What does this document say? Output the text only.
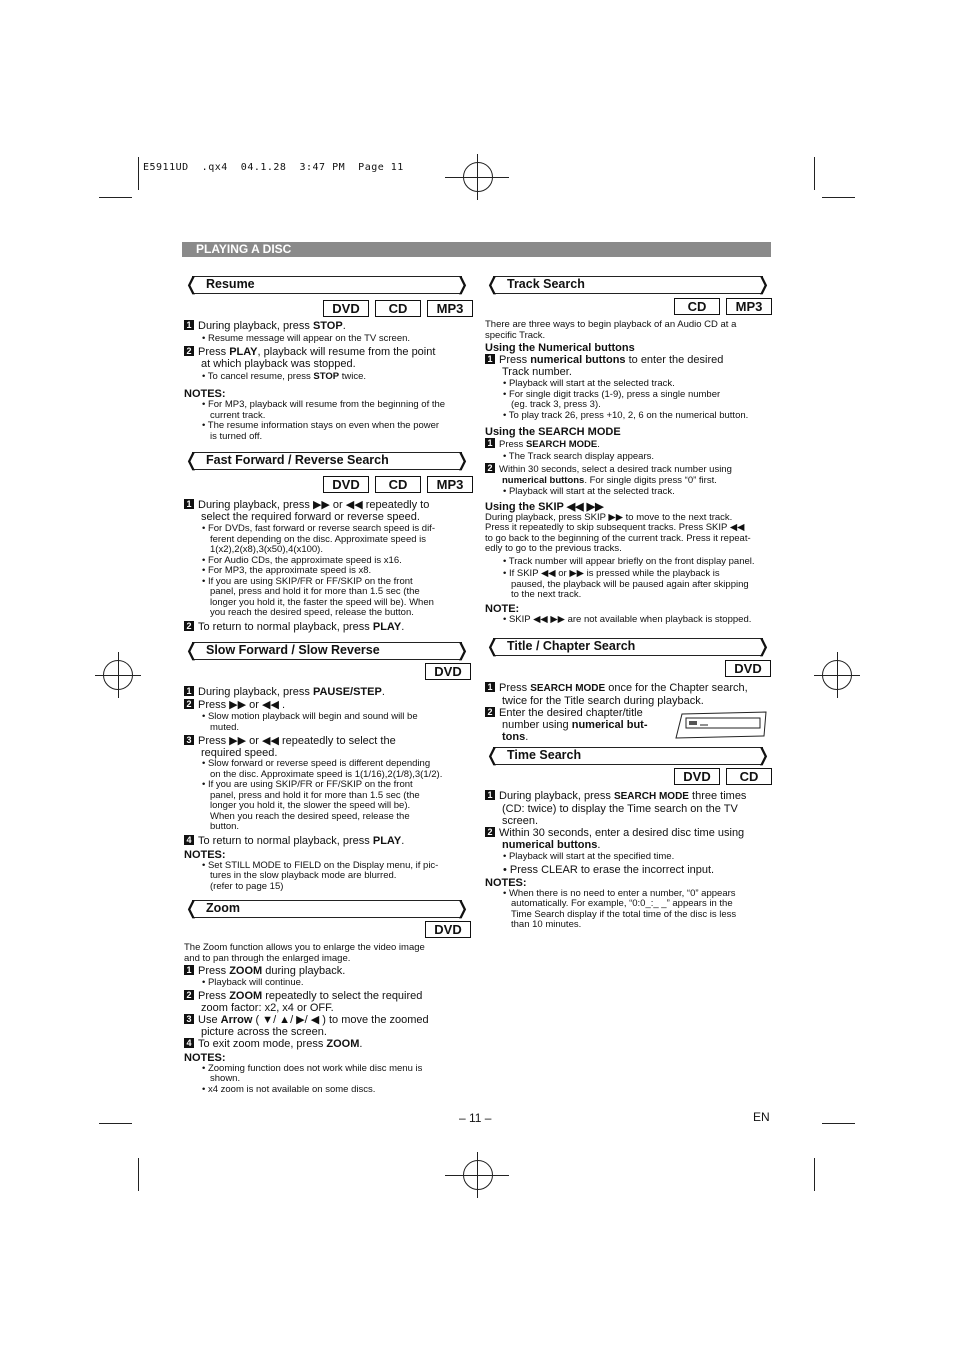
E5911UD  .qx4  04.1.28  3:47 PM  Page 11
PLAYING A DISC
❬	❭
Resume
DVD	CD	MP3
1 During playback, press STOP.
• Resume message will appear on the TV screen.
2 Press PLAY, playback will resume from the point
at which playback was stopped.
• To cancel resume, press STOP twice.
NOTES:
• For MP3, playback will resume from the beginning of the
current track.
• The resume information stays on even when the power
is turned off.
❬	❭
Fast Forward / Reverse Search
DVD	CD	MP3
1 During playback, press ▶▶ or ◀◀ repeatedly to
select the required forward or reverse speed.
• For DVDs, fast forward or reverse search speed is dif-
ferent depending on the disc. Approximate speed is
1(x2),2(x8),3(x50),4(x100).
• For Audio CDs, the approximate speed is x16.
• For MP3, the approximate speed is x8.
• If you are using SKIP/FR or FF/SKIP on the front
panel, press and hold it for more than 1.5 sec (the
longer you hold it, the faster the speed will be). When
you reach the desired speed, release the button.
2 To return to normal playback, press PLAY.
❬	❭
Slow Forward / Slow Reverse
DVD
1 During playback, press PAUSE/STEP.
2 Press ▶▶ or ◀◀ .
• Slow motion playback will begin and sound will be
muted.
3 Press ▶▶ or ◀◀ repeatedly to select the
required speed.
• Slow forward or reverse speed is different depending
on the disc. Approximate speed is 1(1/16),2(1/8),3(1/2).
• If you are using SKIP/FR or FF/SKIP on the front
panel, press and hold it for more than 1.5 sec (the
longer you hold it, the slower the speed will be).
When you reach the desired speed, release the
button.
4 To return to normal playback, press PLAY.
NOTES:
• Set STILL MODE to FIELD on the Display menu, if pic-
tures in the slow playback mode are blurred.
(refer to page 15)
❬	❭
Zoom
DVD
The Zoom function allows you to enlarge the video image
and to pan through the enlarged image.
1 Press ZOOM during playback.
• Playback will continue.
2 Press ZOOM repeatedly to select the required
zoom factor: x2, x4 or OFF.
3 Use Arrow ( ▼/ ▲/ ▶/ ◀ ) to move the zoomed
picture across the screen.
4 To exit zoom mode, press ZOOM.
NOTES:
• Zooming function does not work while disc menu is
shown.
• x4 zoom is not available on some discs.
❬	❭
Track Search
CD	MP3
There are three ways to begin playback of an Audio CD at a
specific Track.
Using the Numerical buttons
1 Press numerical buttons to enter the desired
Track number.
• Playback will start at the selected track.
• For single digit tracks (1-9), press a single number
(eg. track 3, press 3).
• To play track 26, press +10, 2, 6 on the numerical button.
Using the SEARCH MODE
1 Press SEARCH MODE.
• The Track search display appears.
2 Within 30 seconds, select a desired track number using
numerical buttons. For single digits press “0” first.
• Playback will start at the selected track.
Using the SKIP ◀◀ ▶▶
During playback, press SKIP ▶▶ to move to the next track.
Press it repeatedly to skip subsequent tracks. Press SKIP ◀◀
to go back to the beginning of the current track. Press it repeat-
edly to go to the previous tracks.
• Track number will appear briefly on the front display panel.
• If SKIP ◀◀ or ▶▶ is pressed while the playback is
paused, the playback will be paused again after skipping
to the next track.
NOTE:
• SKIP ◀◀ ▶▶ are not available when playback is stopped.
❬	❭
Title / Chapter Search
DVD
1 Press SEARCH MODE once for the Chapter search,
twice for the Title search during playback.
2 Enter the desired chapter/title
number using numerical but-
tons.
❬	❭
Time Search
DVD	CD
1 During playback, press SEARCH MODE three times
(CD: twice) to display the Time search on the TV
screen.
2 Within 30 seconds, enter a desired disc time using
numerical buttons.
• Playback will start at the specified time.
• Press CLEAR to erase the incorrect input.
NOTES:
• When there is no need to enter a number, “0” appears
automatically. For example, “0:0_:_ _” appears in the
Time Search display if the total time of the disc is less
than 10 minutes.
– 11 –	EN
